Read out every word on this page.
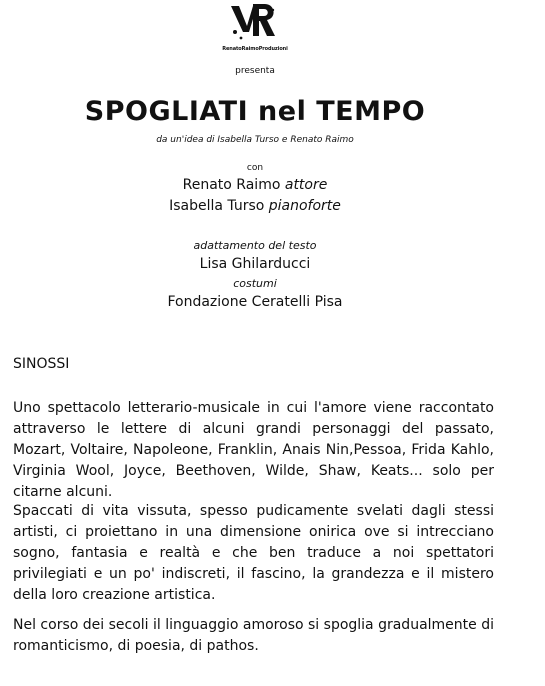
RenatoRaimoProduzioni
presenta
SPOGLIATI nel TEMPO
da un'idea di Isabella Turso e Renato Raimo
con
Renato Raimo attore
Isabella Turso pianoforte
adattamento del testo
Lisa Ghilarducci
costumi
Fondazione Ceratelli Pisa
SINOSSI
Uno spettacolo letterario-musicale in cui l'amore viene raccontato attraverso le lettere di alcuni grandi personaggi del passato, Mozart, Voltaire, Napoleone, Franklin, Anais Nin,Pessoa, Frida Kahlo, Virginia Wool, Joyce, Beethoven, Wilde, Shaw, Keats... solo per citarne alcuni.
Spaccati di vita vissuta, spesso pudicamente svelati dagli stessi artisti, ci proiettano in una dimensione onirica ove si intrecciano sogno, fantasia e realtà e che ben traduce a noi spettatori privilegiati e un po' indiscreti, il fascino, la grandezza e il mistero della loro creazione artistica.
Nel corso dei secoli il linguaggio amoroso si spoglia gradualmente di romanticismo, di poesia, di pathos.
